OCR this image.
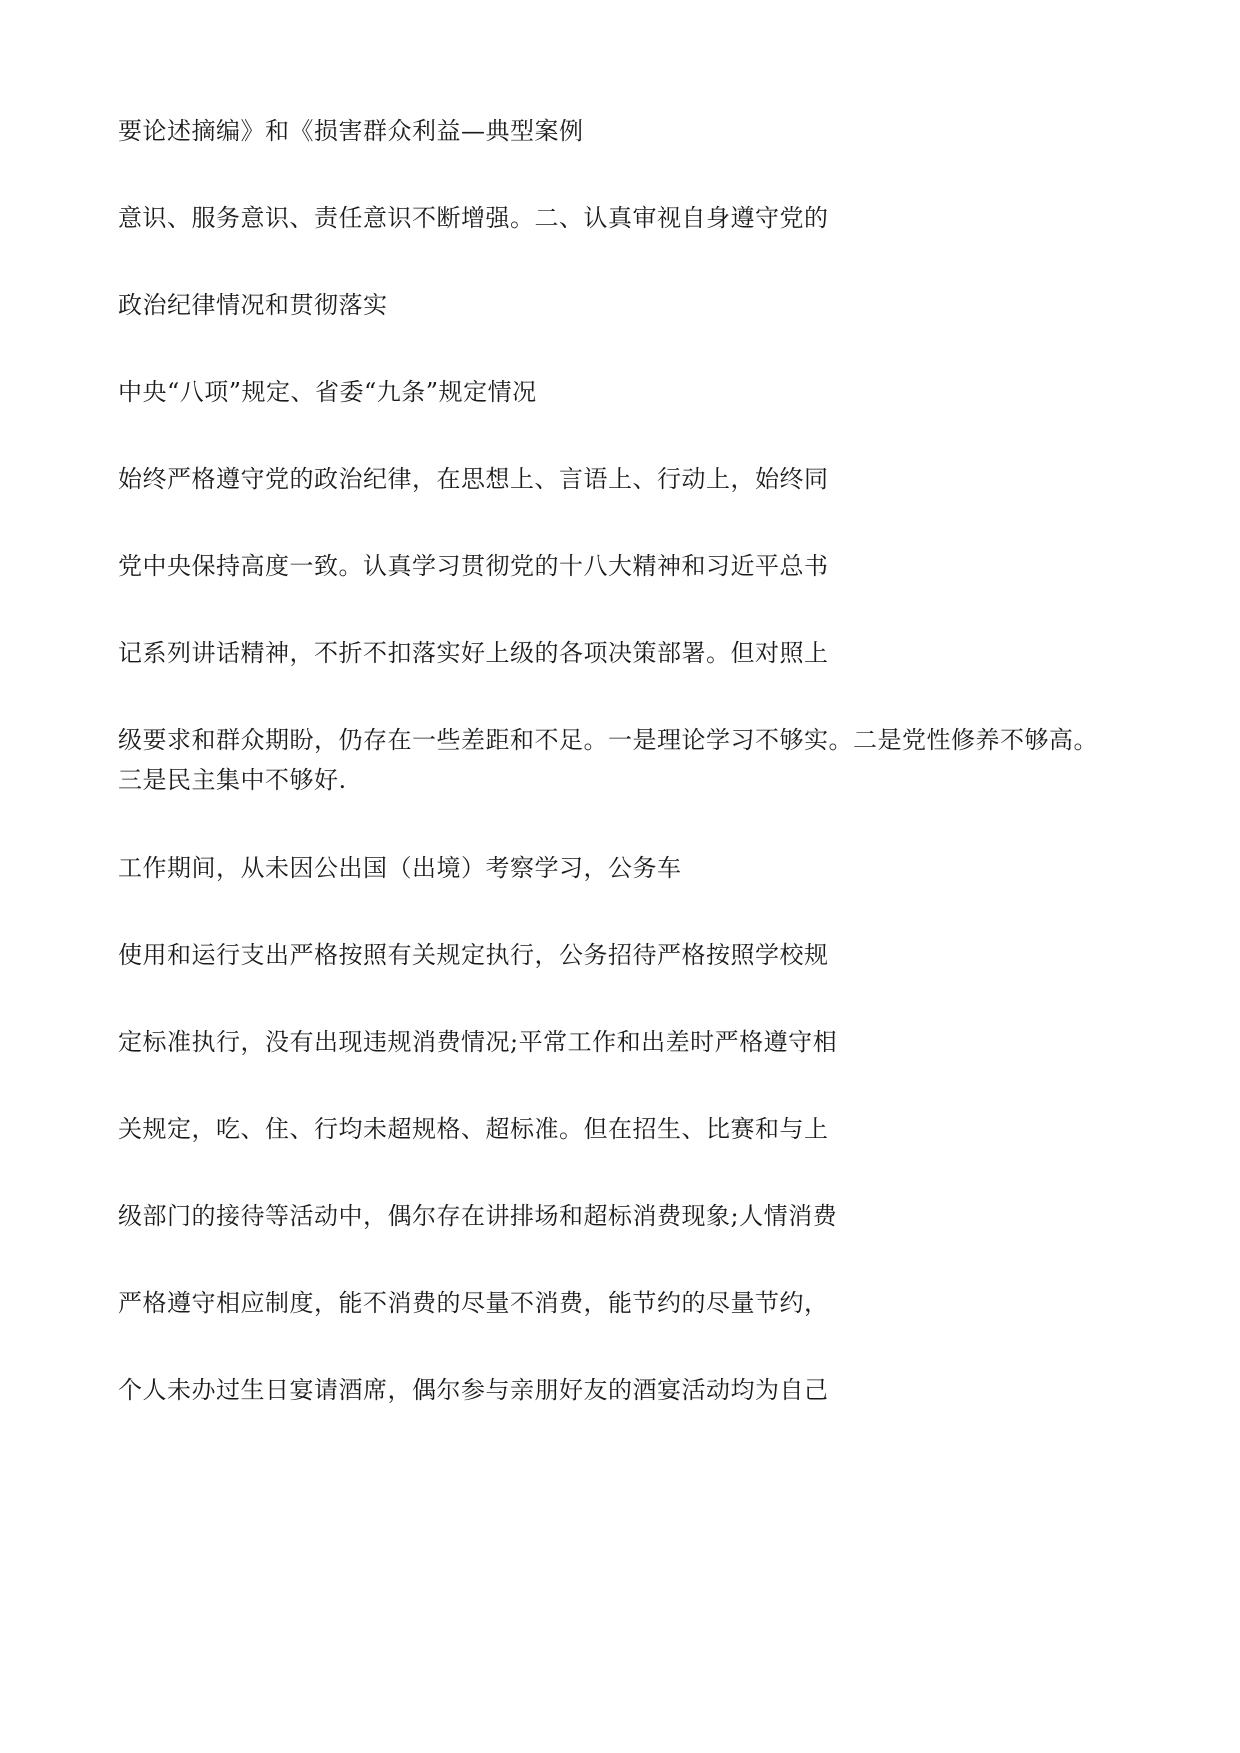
要论述摘编》和《损害群众利益—典型案例

意识、服务意识、责任意识不断增强。二、认真审视自身遵守党的

政治纪律情况和贯彻落实

中央“八项”规定、省委“九条”规定情况

始终严格遵守党的政治纪律，在思想上、言语上、行动上，始终同

党中央保持高度一致。认真学习贯彻党的十八大精神和习近平总书

记系列讲话精神，不折不扣落实好上级的各项决策部署。但对照上

级要求和群众期盼，仍存在一些差距和不足。一是理论学习不够实。二是党性修养不够高。

三是民主集中不够好.

工作期间，从未因公出国（出境）考察学习，公务车

使用和运行支出严格按照有关规定执行，公务招待严格按照学校规

定标准执行，没有出现违规消费情况;平常工作和出差时严格遵守相

关规定，吃、住、行均未超规格、超标准。但在招生、比赛和与上

级部门的接待等活动中，偶尔存在讲排场和超标消费现象;人情消费

严格遵守相应制度，能不消费的尽量不消费，能节约的尽量节约，

个人未办过生日宴请酒席，偶尔参与亲朋好友的酒宴活动均为自己
